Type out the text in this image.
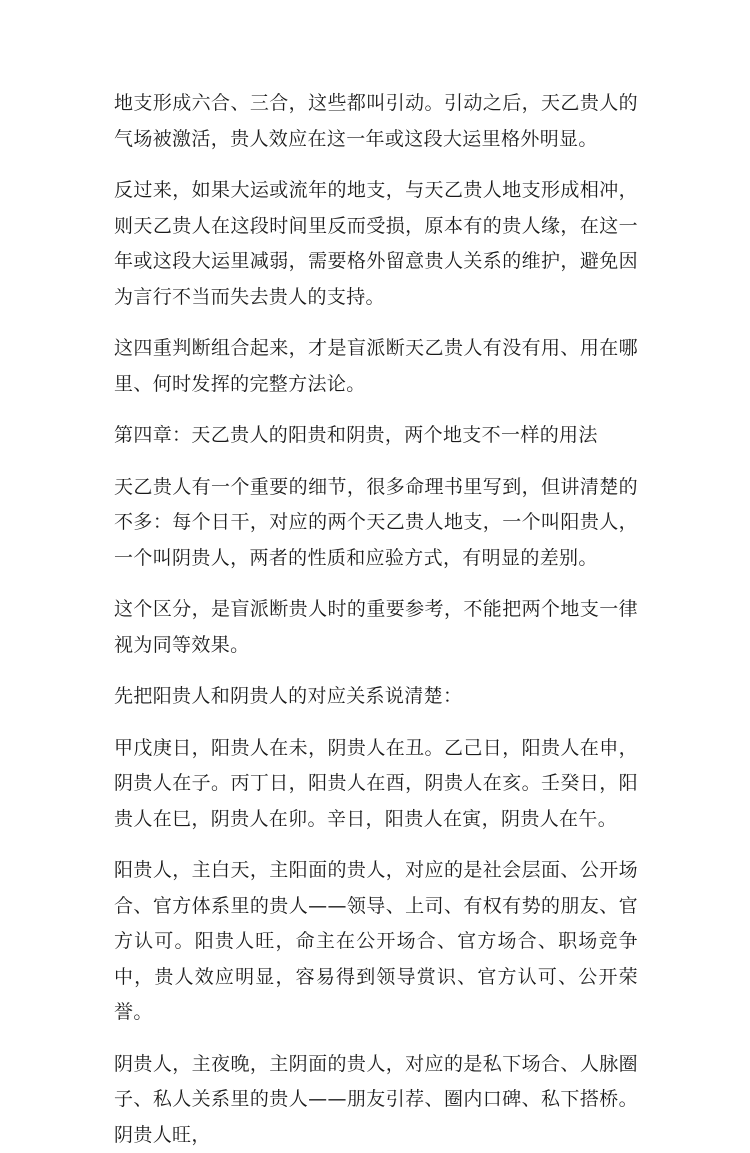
地支形成六合、三合，这些都叫引动。引动之后，天乙贵人的气场被激活，贵人效应在这一年或这段大运里格外明显。

反过来，如果大运或流年的地支，与天乙贵人地支形成相冲，则天乙贵人在这段时间里反而受损，原本有的贵人缘，在这一年或这段大运里减弱，需要格外留意贵人关系的维护，避免因为言行不当而失去贵人的支持。

这四重判断组合起来，才是盲派断天乙贵人有没有用、用在哪里、何时发挥的完整方法论。

第四章：天乙贵人的阳贵和阴贵，两个地支不一样的用法

天乙贵人有一个重要的细节，很多命理书里写到，但讲清楚的不多：每个日干，对应的两个天乙贵人地支，一个叫阳贵人，一个叫阴贵人，两者的性质和应验方式，有明显的差别。

这个区分，是盲派断贵人时的重要参考，不能把两个地支一律视为同等效果。

先把阳贵人和阴贵人的对应关系说清楚：

甲戊庚日，阳贵人在未，阴贵人在丑。乙己日，阳贵人在申，阴贵人在子。丙丁日，阳贵人在酉，阴贵人在亥。壬癸日，阳贵人在巳，阴贵人在卯。辛日，阳贵人在寅，阴贵人在午。

阳贵人，主白天，主阳面的贵人，对应的是社会层面、公开场合、官方体系里的贵人——领导、上司、有权有势的朋友、官方认可。阳贵人旺，命主在公开场合、官方场合、职场竞争中，贵人效应明显，容易得到领导赏识、官方认可、公开荣誉。

阴贵人，主夜晚，主阴面的贵人，对应的是私下场合、人脉圈子、私人关系里的贵人——朋友引荐、圈内口碑、私下搭桥。阴贵人旺，
